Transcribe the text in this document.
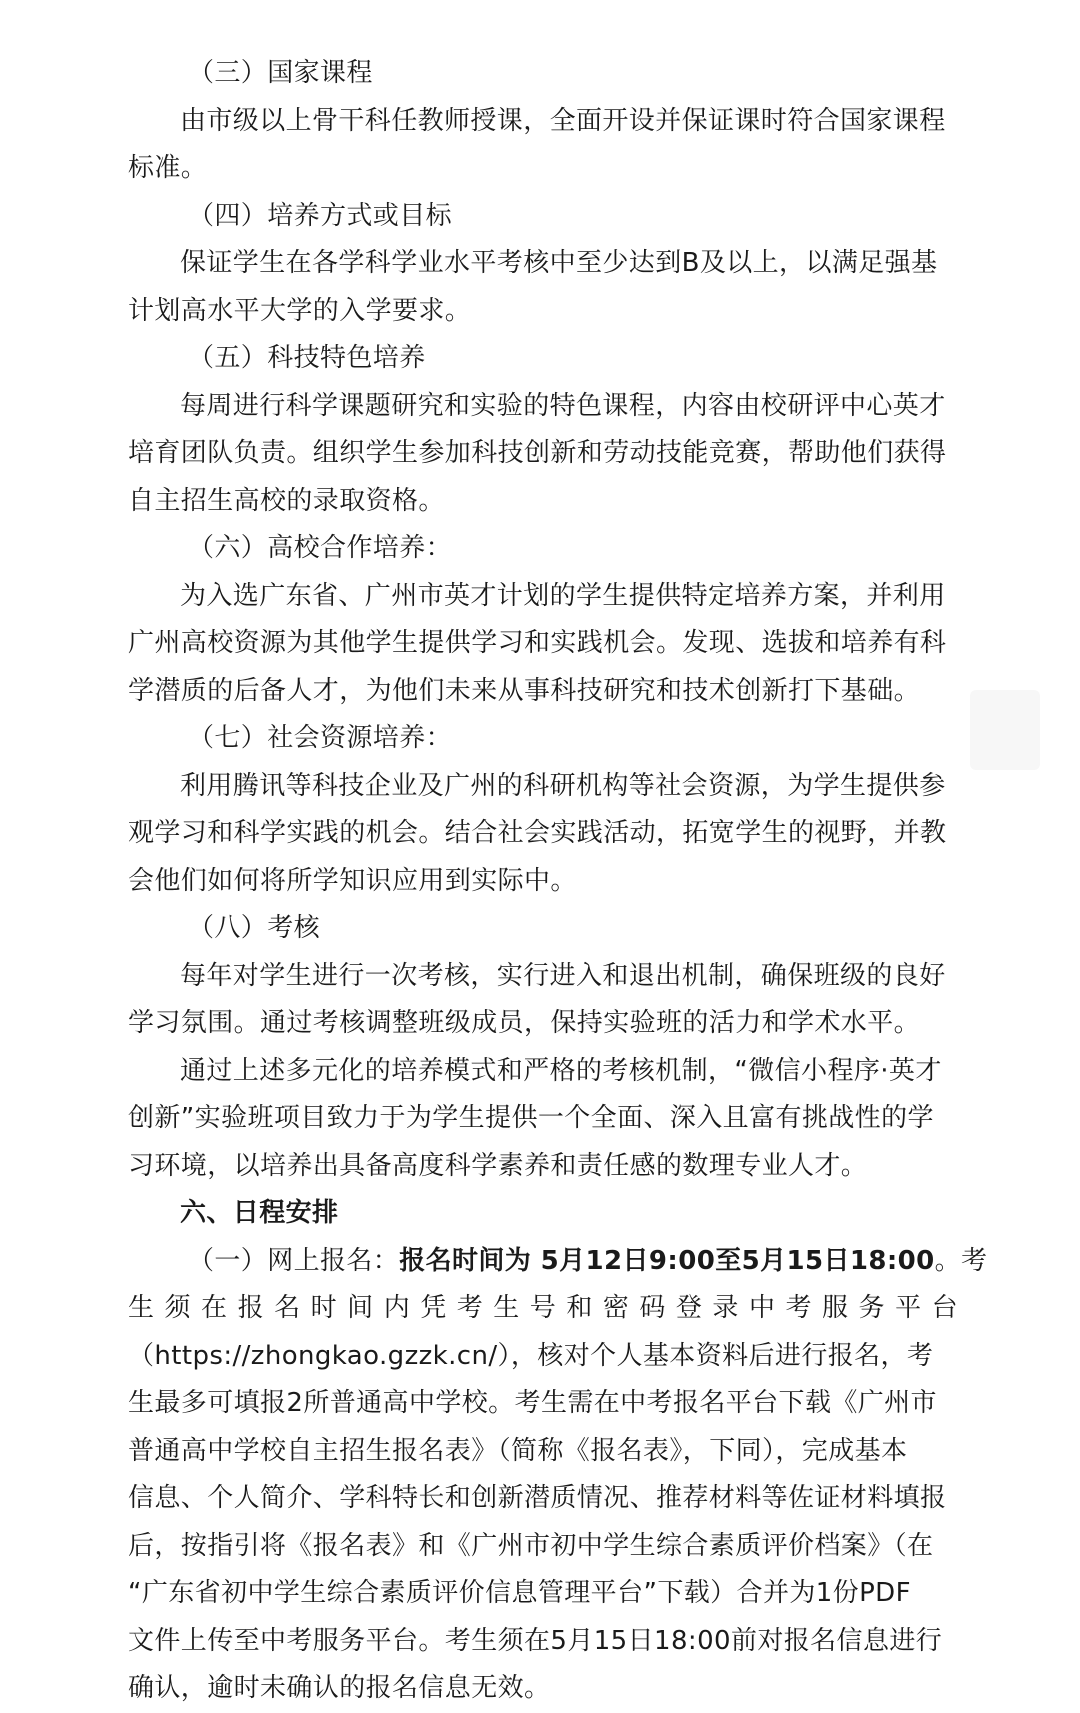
（三）国家课程
由市级以上骨干科任教师授课，全面开设并保证课时符合国家课程
标准。
（四）培养方式或目标
保证学生在各学科学业水平考核中至少达到B及以上，以满足强基
计划高水平大学的入学要求。
（五）科技特色培养
每周进行科学课题研究和实验的特色课程，内容由校研评中心英才
培育团队负责。组织学生参加科技创新和劳动技能竞赛，帮助他们获得
自主招生高校的录取资格。
（六）高校合作培养：
为入选广东省、广州市英才计划的学生提供特定培养方案，并利用
广州高校资源为其他学生提供学习和实践机会。发现、选拔和培养有科
学潜质的后备人才，为他们未来从事科技研究和技术创新打下基础。
（七）社会资源培养：
利用腾讯等科技企业及广州的科研机构等社会资源，为学生提供参
观学习和科学实践的机会。结合社会实践活动，拓宽学生的视野，并教
会他们如何将所学知识应用到实际中。
（八）考核
每年对学生进行一次考核，实行进入和退出机制，确保班级的良好
学习氛围。通过考核调整班级成员，保持实验班的活力和学术水平。
通过上述多元化的培养模式和严格的考核机制，“微信小程序·英才
创新”实验班项目致力于为学生提供一个全面、深入且富有挑战性的学
习环境，以培养出具备高度科学素养和责任感的数理专业人才。
六、日程安排
（一）网上报名：报名时间为 5月12日9:00至5月15日18:00。考
生须在报名时间内凭考生号和密码登录中考服务平台
（https://zhongkao.gzzk.cn/），核对个人基本资料后进行报名，考
生最多可填报2所普通高中学校。考生需在中考报名平台下载《广州市
普通高中学校自主招生报名表》（简称《报名表》，下同），完成基本
信息、个人简介、学科特长和创新潜质情况、推荐材料等佐证材料填报
后，按指引将《报名表》和《广州市初中学生综合素质评价档案》（在
“广东省初中学生综合素质评价信息管理平台”下载）合并为1份PDF
文件上传至中考服务平台。考生须在5月15日18:00前对报名信息进行
确认，逾时未确认的报名信息无效。
